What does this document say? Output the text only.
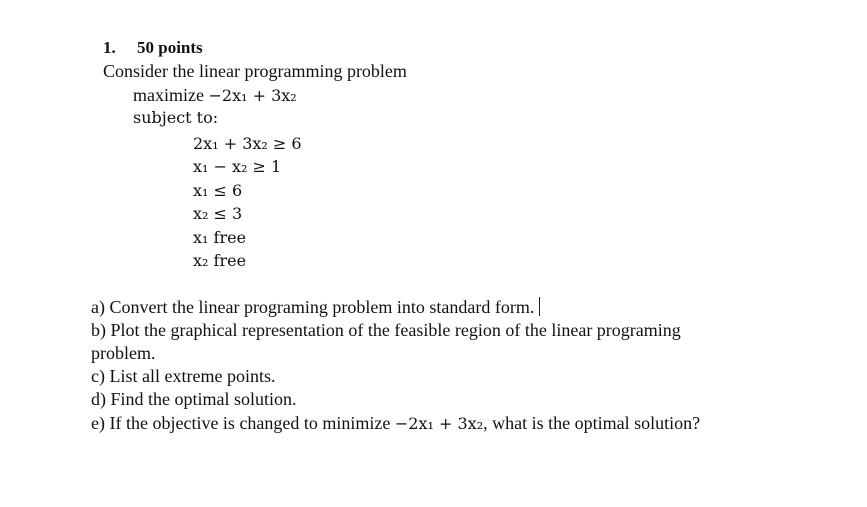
1. 50 points
Consider the linear programming problem
maximize −2x₁ + 3x₂
subject to:
2x₁ + 3x₂ ≥ 6
x₁ − x₂ ≥ 1
x₁ ≤ 6
x₂ ≤ 3
x₁ free
x₂ free
a) Convert the linear programing problem into standard form.
b) Plot the graphical representation of the feasible region of the linear programing
problem.
c) List all extreme points.
d) Find the optimal solution.
e) If the objective is changed to minimize −2x₁ + 3x₂, what is the optimal solution?
